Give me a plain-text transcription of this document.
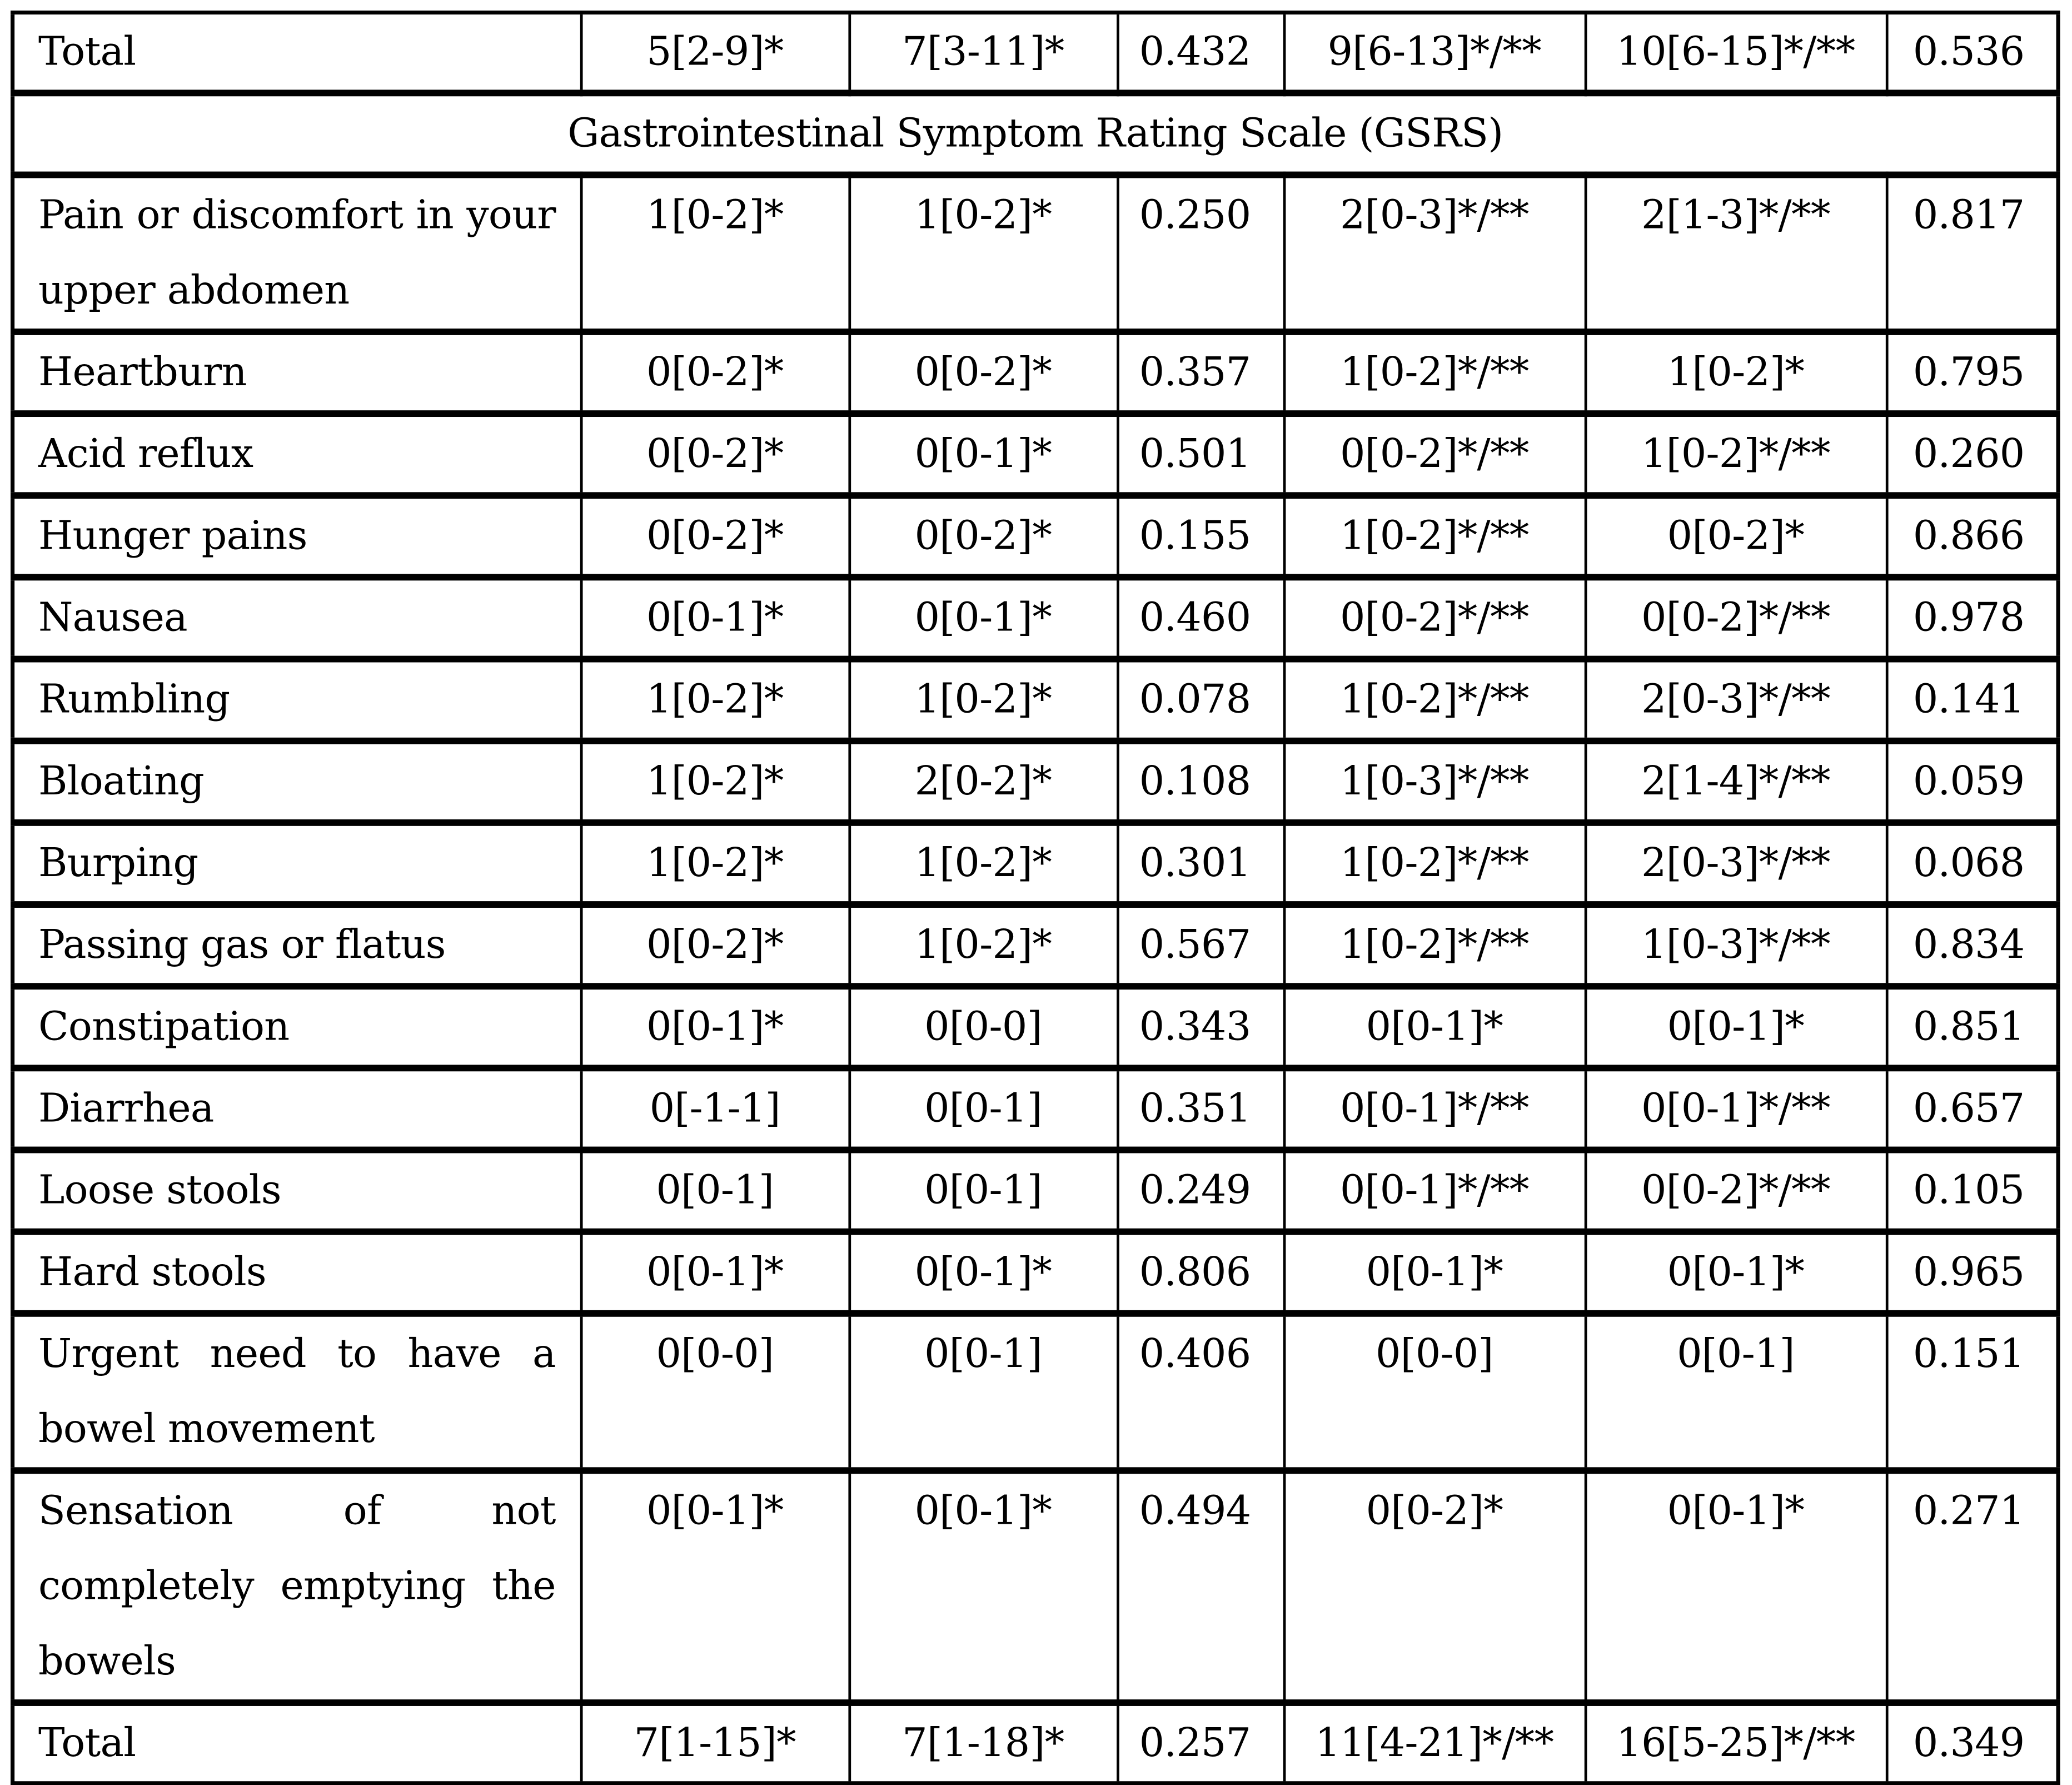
Total	5[2-9]*	7[3-11]*	0.432	9[6-13]*/**	10[6-15]*/**	0.536
Gastrointestinal Symptom Rating Scale (GSRS)						
Pain or discomfort in your upper abdomen	1[0-2]*	1[0-2]*	0.250	2[0-3]*/**	2[1-3]*/**	0.817
Heartburn	0[0-2]*	0[0-2]*	0.357	1[0-2]*/**	1[0-2]*	0.795
Acid reflux	0[0-2]*	0[0-1]*	0.501	0[0-2]*/**	1[0-2]*/**	0.260
Hunger pains	0[0-2]*	0[0-2]*	0.155	1[0-2]*/**	0[0-2]*	0.866
Nausea	0[0-1]*	0[0-1]*	0.460	0[0-2]*/**	0[0-2]*/**	0.978
Rumbling	1[0-2]*	1[0-2]*	0.078	1[0-2]*/**	2[0-3]*/**	0.141
Bloating	1[0-2]*	2[0-2]*	0.108	1[0-3]*/**	2[1-4]*/**	0.059
Burping	1[0-2]*	1[0-2]*	0.301	1[0-2]*/**	2[0-3]*/**	0.068
Passing gas or flatus	0[0-2]*	1[0-2]*	0.567	1[0-2]*/**	1[0-3]*/**	0.834
Constipation	0[0-1]*	0[0-0]	0.343	0[0-1]*	0[0-1]*	0.851
Diarrhea	0[-1-1]	0[0-1]	0.351	0[0-1]*/**	0[0-1]*/**	0.657
Loose stools	0[0-1]	0[0-1]	0.249	0[0-1]*/**	0[0-2]*/**	0.105
Hard stools	0[0-1]*	0[0-1]*	0.806	0[0-1]*	0[0-1]*	0.965
Urgent need to have a bowel movement	0[0-0]	0[0-1]	0.406	0[0-0]	0[0-1]	0.151
Sensation of not completely emptying the bowels	0[0-1]*	0[0-1]*	0.494	0[0-2]*	0[0-1]*	0.271
Total	7[1-15]*	7[1-18]*	0.257	11[4-21]*/**	16[5-25]*/**	0.349
